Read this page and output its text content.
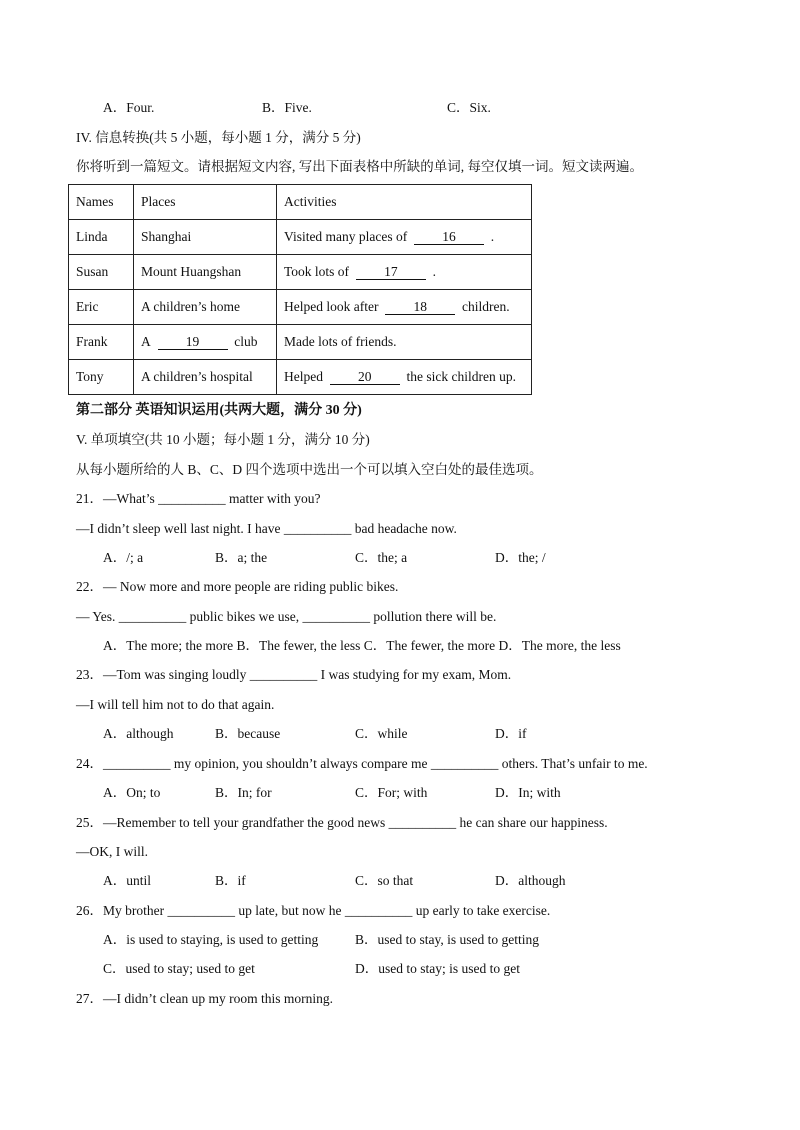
A．Four.	B．Five.	C．Six.
IV. 信息转换(共 5 小题，每小题 1 分，满分 5 分)
你将听到一篇短文。请根据短文内容, 写出下面表格中所缺的单词, 每空仅填一词。短文读两遍。
Names	Places	Activities
Linda	Shanghai	Visited many places of 16 .
Susan	Mount Huangshan	Took lots of 17 .
Eric	A children’s home	Helped look after 18 children.
Frank	A 19 club	Made lots of friends.
Tony	A children’s hospital	Helped 20 the sick children up.
第二部分 英语知识运用(共两大题，满分 30 分)
V. 单项填空(共 10 小题；每小题 1 分，满分 10 分)
从每小题所给的人 B、C、D 四个选项中选出一个可以填入空白处的最佳选项。
21．—What’s __________ matter with you?
—I didn’t sleep well last night. I have __________ bad headache now.
A．/; a	B．a; the	C．the; a	D．the; /
22．— Now more and more people are riding public bikes.
— Yes. __________ public bikes we use, __________ pollution there will be.
A．The more; the more B．The fewer, the less C．The fewer, the more D．The more, the less
23．—Tom was singing loudly __________ I was studying for my exam, Mom.
—I will tell him not to do that again.
A．although	B．because	C．while	D．if
24．__________ my opinion, you shouldn’t always compare me __________ others. That’s unfair to me.
A．On; to	B．In; for	C．For; with	D．In; with
25．—Remember to tell your grandfather the good news __________ he can share our happiness.
—OK, I will.
A．until	B．if	C．so that	D．although
26．My brother __________ up late, but now he __________ up early to take exercise.
A．is used to staying, is used to getting	B．used to stay, is used to getting
C．used to stay; used to get	D．used to stay; is used to get
27．—I didn’t clean up my room this morning.
